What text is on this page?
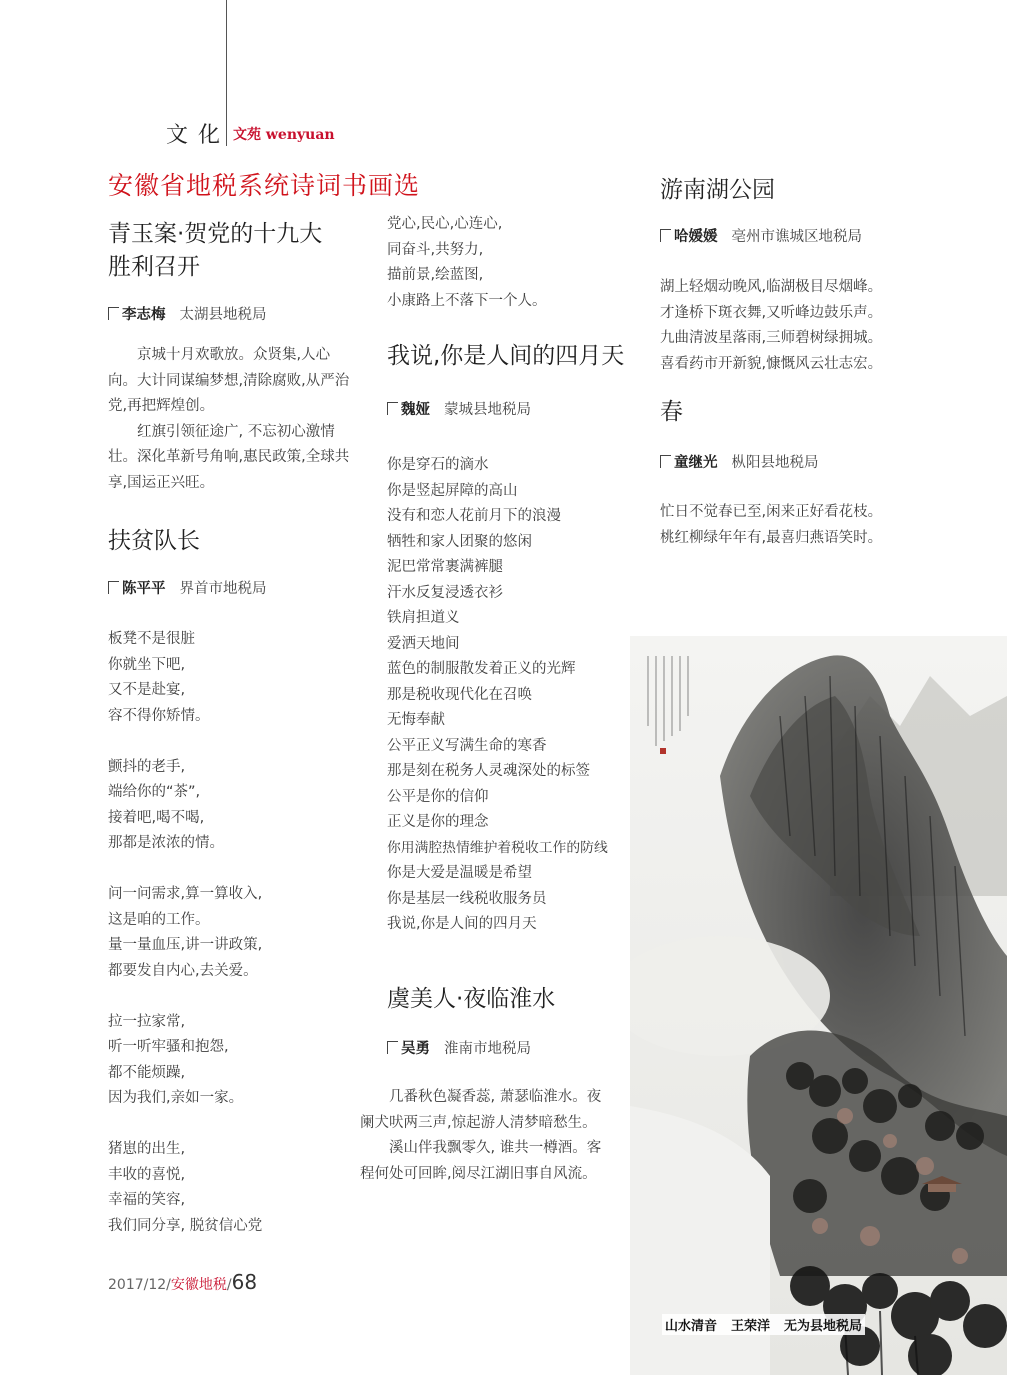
文化 文苑 wenyuan
安徽省地税系统诗词书画选
青玉案·贺党的十九大
胜利召开
李志梅 太湖县地税局

京城十月欢歌放。众贤集,人心向。大计同谋编梦想,清除腐败,从严治党,再把辉煌创。

红旗引领征途广, 不忘初心激情壮。深化革新号角响,惠民政策,全球共享,国运正兴旺。

扶贫队长
陈平平 界首市地税局
板凳不是很脏
你就坐下吧,
又不是赴宴,
容不得你矫情。
颤抖的老手,
端给你的“茶”,
接着吧,喝不喝,
那都是浓浓的情。
问一问需求,算一算收入,
这是咱的工作。
量一量血压,讲一讲政策,
都要发自内心,去关爱。
拉一拉家常,
听一听牢骚和抱怨,
都不能烦躁,
因为我们,亲如一家。
猪崽的出生,
丰收的喜悦,
幸福的笑容,
我们同分享, 脱贫信心党
党心,民心,心连心,
同奋斗,共努力,
描前景,绘蓝图,
小康路上不落下一个人。
我说,你是人间的四月天
魏娅 蒙城县地税局
你是穿石的滴水
你是竖起屏障的高山
没有和恋人花前月下的浪漫
牺牲和家人团聚的悠闲
泥巴常常裹满裤腿
汗水反复浸透衣衫
铁肩担道义
爱洒天地间
蓝色的制服散发着正义的光辉
那是税收现代化在召唤
无悔奉献
公平正义写满生命的寒香
那是刻在税务人灵魂深处的标签
公平是你的信仰
正义是你的理念
你用满腔热情维护着税收工作的防线
你是大爱是温暖是希望
你是基层一线税收服务员
我说,你是人间的四月天
虞美人·夜临淮水
吴勇 淮南市地税局

几番秋色凝香蕊, 萧瑟临淮水。夜阑犬吠两三声,惊起游人清梦暗愁生。

溪山伴我飘零久, 谁共一樽酒。客程何处可回眸,阅尽江湖旧事自风流。

游南湖公园
哈媛媛 亳州市谯城区地税局
湖上轻烟动晚风,临湖极目尽烟峰。
才逢桥下斑衣舞,又听峰边鼓乐声。
九曲清波星落雨,三师碧树绿拥城。
喜看药市开新貌,慷慨风云壮志宏。
春
童继光 枞阳县地税局
忙日不觉春已至,闲来正好看花枝。
桃红柳绿年年有,最喜归燕语笑时。
山水清音 王荣洋 无为县地税局
2017/12/安徽地税/68
